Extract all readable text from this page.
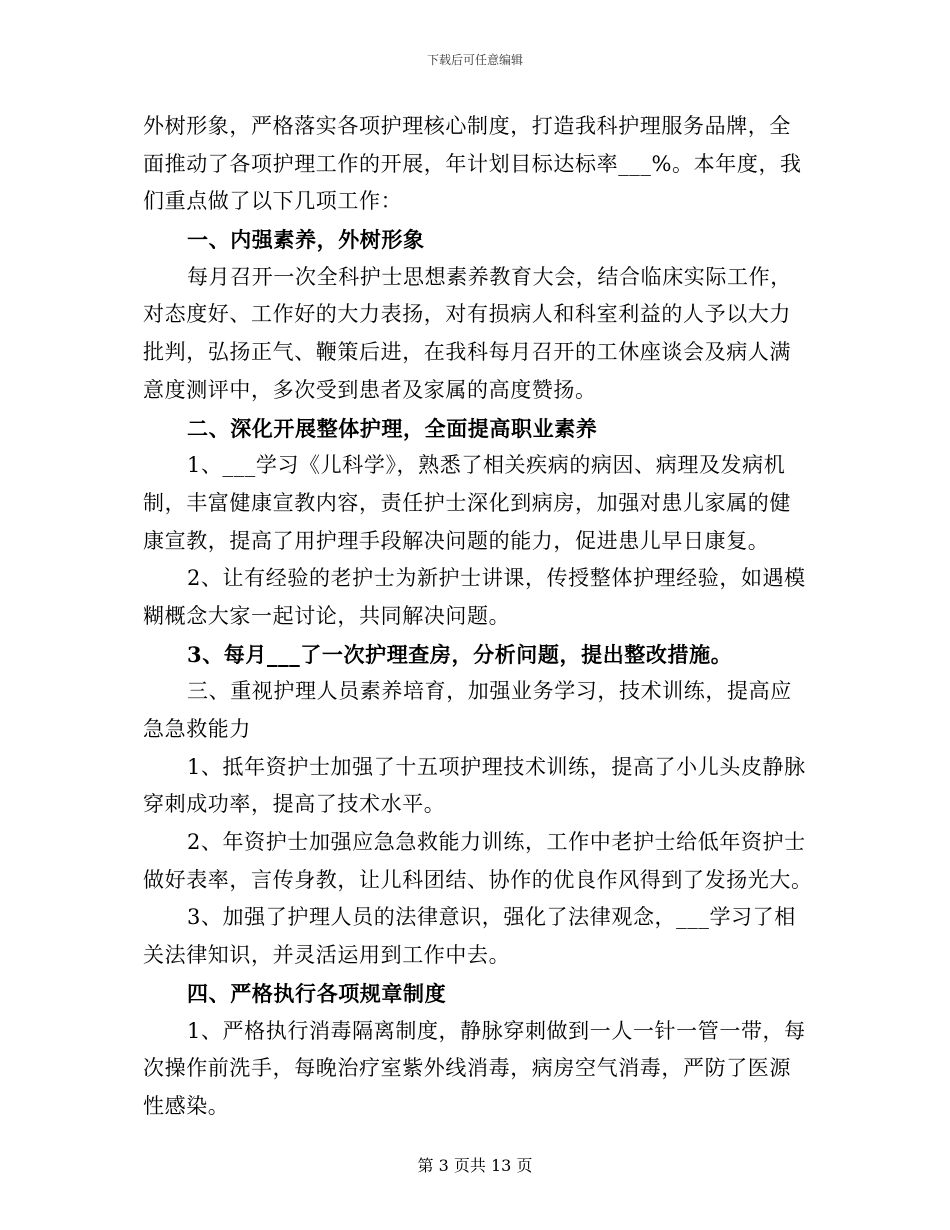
下载后可任意编辑
外树形象，严格落实各项护理核心制度，打造我科护理服务品牌，全
面推动了各项护理工作的开展，年计划目标达标率___%。本年度，我
们重点做了以下几项工作：
一、内强素养，外树形象
每月召开一次全科护士思想素养教育大会，结合临床实际工作，
对态度好、工作好的大力表扬，对有损病人和科室利益的人予以大力
批判，弘扬正气、鞭策后进，在我科每月召开的工休座谈会及病人满
意度测评中，多次受到患者及家属的高度赞扬。
二、深化开展整体护理，全面提高职业素养
1、___学习《儿科学》，熟悉了相关疾病的病因、病理及发病机
制，丰富健康宣教内容，责任护士深化到病房，加强对患儿家属的健
康宣教，提高了用护理手段解决问题的能力，促进患儿早日康复。
2、让有经验的老护士为新护士讲课，传授整体护理经验，如遇模
糊概念大家一起讨论，共同解决问题。
3、每月___了一次护理查房，分析问题，提出整改措施。
三、重视护理人员素养培育，加强业务学习，技术训练，提高应
急急救能力
1、抵年资护士加强了十五项护理技术训练，提高了小儿头皮静脉
穿刺成功率，提高了技术水平。
2、年资护士加强应急急救能力训练，工作中老护士给低年资护士
做好表率，言传身教，让儿科团结、协作的优良作风得到了发扬光大。
3、加强了护理人员的法律意识，强化了法律观念，___学习了相
关法律知识，并灵活运用到工作中去。
四、严格执行各项规章制度
1、严格执行消毒隔离制度，静脉穿刺做到一人一针一管一带，每
次操作前洗手，每晚治疗室紫外线消毒，病房空气消毒，严防了医源
性感染。
第 3 页共 13 页
